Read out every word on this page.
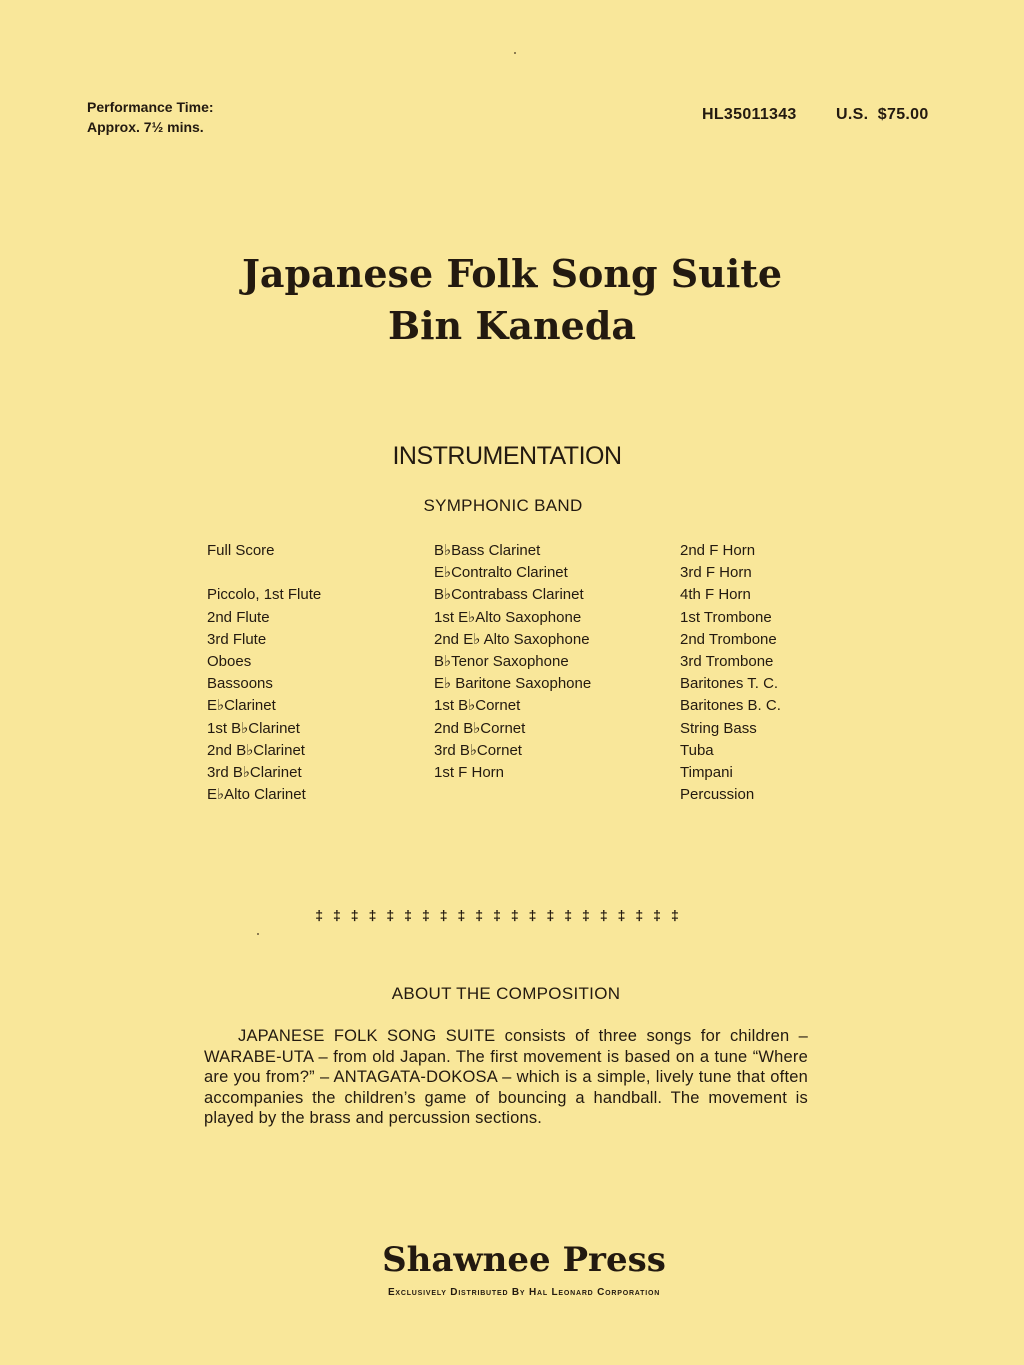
Performance Time:
Approx. 7½ mins.
HL35011343 U.S.  $75.00
Japanese Folk Song Suite
Bin Kaneda
INSTRUMENTATION
SYMPHONIC BAND
Full Score
Piccolo, 1st Flute
2nd Flute
3rd Flute
Oboes
Bassoons
E♭Clarinet
1st B♭Clarinet
2nd B♭Clarinet
3rd B♭Clarinet
E♭Alto Clarinet
B♭Bass Clarinet
E♭Contralto Clarinet
B♭Contrabass Clarinet
1st E♭Alto Saxophone
2nd E♭ Alto Saxophone
B♭Tenor Saxophone
E♭ Baritone Saxophone
1st B♭Cornet
2nd B♭Cornet
3rd B♭Cornet
1st F Horn
2nd F Horn
3rd F Horn
4th F Horn
1st Trombone
2nd Trombone
3rd Trombone
Baritones T. C.
Baritones B. C.
String Bass
Tuba
Timpani
Percussion
‡‡‡‡‡‡‡‡‡‡‡‡‡‡‡‡‡‡‡‡‡
ABOUT THE COMPOSITION
JAPANESE FOLK SONG SUITE consists of three songs for children – WARABE-UTA – from old Japan. The first movement is based on a tune “Where are you from?” – ANTAGATA-DOKOSA – which is a simple, lively tune that often accompanies the children’s game of bouncing a handball. The movement is played by the brass and percussion sections.
Shawnee Press
Exclusively Distributed By Hal Leonard Corporation
